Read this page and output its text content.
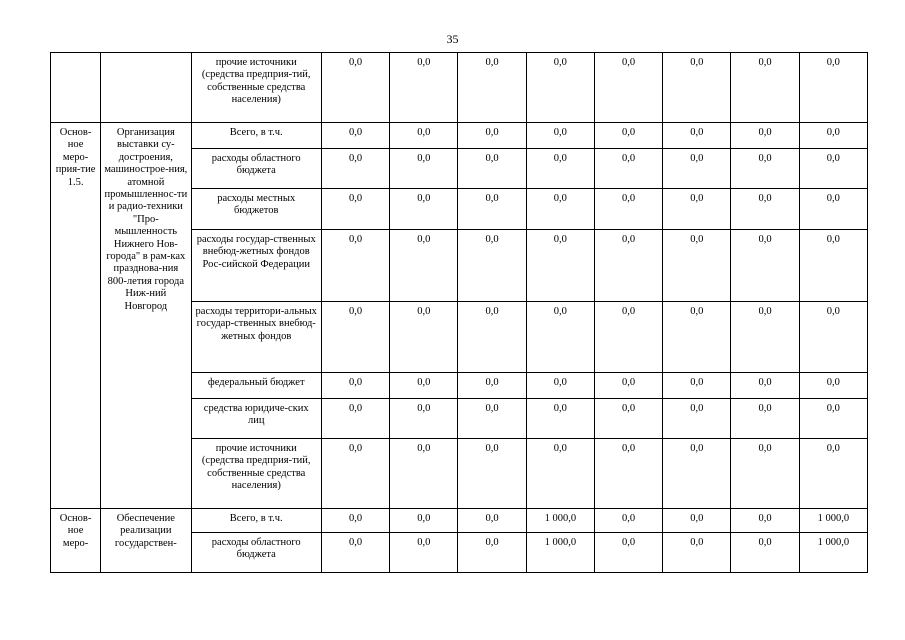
35
		прочие источники (средства предприя-тий, собственные средства населения)	0,0	0,0	0,0	0,0	0,0	0,0	0,0	0,0
Основ-ное меро-прия-тие 1.5.	Организация выставки су-достроения, машинострое-ния, атомной промышленнос-ти и радио-техники "Про-мышленность Нижнего Нов-города" в рам-ках празднова-ния 800-летия города Ниж-ний Новгород	Всего, в т.ч.	0,0	0,0	0,0	0,0	0,0	0,0	0,0	0,0
		расходы областного бюджета	0,0	0,0	0,0	0,0	0,0	0,0	0,0	0,0
		расходы местных бюджетов	0,0	0,0	0,0	0,0	0,0	0,0	0,0	0,0
		расходы государ-ственных внебюд-жетных фондов Рос-сийской Федерации	0,0	0,0	0,0	0,0	0,0	0,0	0,0	0,0
		расходы территори-альных государ-ственных внебюд-жетных фондов	0,0	0,0	0,0	0,0	0,0	0,0	0,0	0,0
		федеральный бюджет	0,0	0,0	0,0	0,0	0,0	0,0	0,0	0,0
		средства юридиче-ских лиц	0,0	0,0	0,0	0,0	0,0	0,0	0,0	0,0
		прочие источники (средства предприя-тий, собственные средства населения)	0,0	0,0	0,0	0,0	0,0	0,0	0,0	0,0
Основ-ное меро-	Обеспечение реализации государствен-	Всего, в т.ч.	0,0	0,0	0,0	1 000,0	0,0	0,0	0,0	1 000,0
		расходы областного бюджета	0,0	0,0	0,0	1 000,0	0,0	0,0	0,0	1 000,0
